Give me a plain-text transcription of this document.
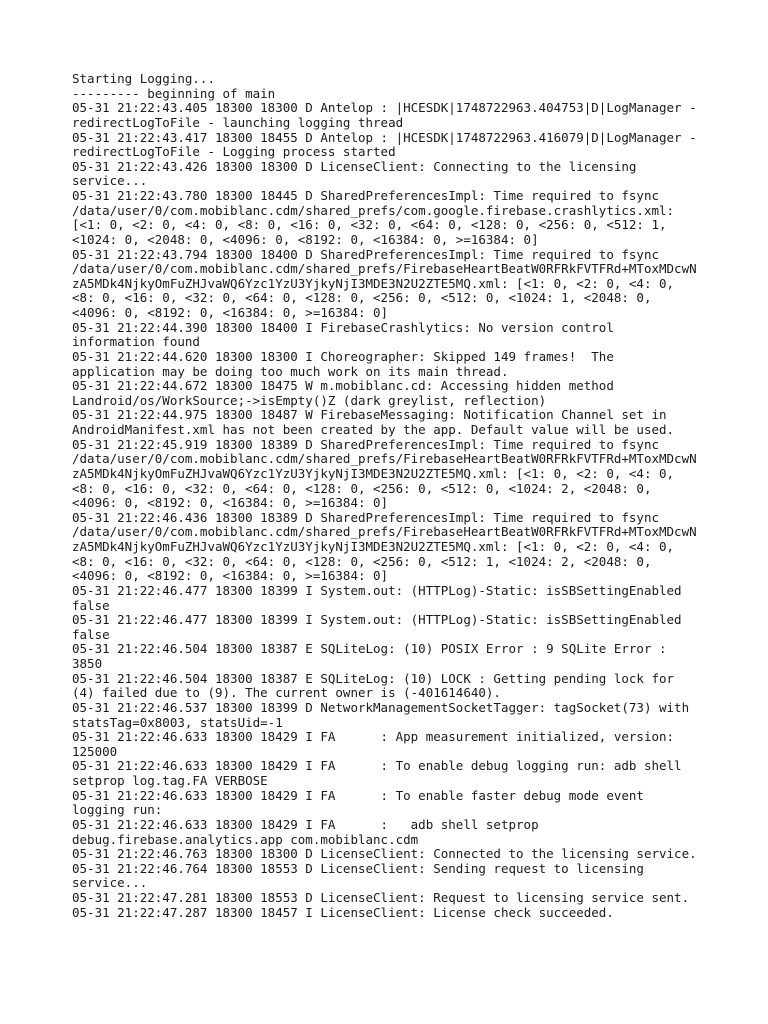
Starting Logging...
--------- beginning of main
05-31 21:22:43.405 18300 18300 D Antelop : |HCESDK|1748722963.404753|D|LogManager -
redirectLogToFile - launching logging thread
05-31 21:22:43.417 18300 18455 D Antelop : |HCESDK|1748722963.416079|D|LogManager -
redirectLogToFile - Logging process started
05-31 21:22:43.426 18300 18300 D LicenseClient: Connecting to the licensing
service...
05-31 21:22:43.780 18300 18445 D SharedPreferencesImpl: Time required to fsync
/data/user/0/com.mobiblanc.cdm/shared_prefs/com.google.firebase.crashlytics.xml:
[<1: 0, <2: 0, <4: 0, <8: 0, <16: 0, <32: 0, <64: 0, <128: 0, <256: 0, <512: 1,
<1024: 0, <2048: 0, <4096: 0, <8192: 0, <16384: 0, >=16384: 0]
05-31 21:22:43.794 18300 18400 D SharedPreferencesImpl: Time required to fsync
/data/user/0/com.mobiblanc.cdm/shared_prefs/FirebaseHeartBeatW0RFRkFVTFRd+MToxMDcwN
zA5MDk4NjkyOmFuZHJvaWQ6Yzc1YzU3YjkyNjI3MDE3N2U2ZTE5MQ.xml: [<1: 0, <2: 0, <4: 0,
<8: 0, <16: 0, <32: 0, <64: 0, <128: 0, <256: 0, <512: 0, <1024: 1, <2048: 0,
<4096: 0, <8192: 0, <16384: 0, >=16384: 0]
05-31 21:22:44.390 18300 18400 I FirebaseCrashlytics: No version control
information found
05-31 21:22:44.620 18300 18300 I Choreographer: Skipped 149 frames!  The
application may be doing too much work on its main thread.
05-31 21:22:44.672 18300 18475 W m.mobiblanc.cd: Accessing hidden method
Landroid/os/WorkSource;->isEmpty()Z (dark greylist, reflection)
05-31 21:22:44.975 18300 18487 W FirebaseMessaging: Notification Channel set in
AndroidManifest.xml has not been created by the app. Default value will be used.
05-31 21:22:45.919 18300 18389 D SharedPreferencesImpl: Time required to fsync
/data/user/0/com.mobiblanc.cdm/shared_prefs/FirebaseHeartBeatW0RFRkFVTFRd+MToxMDcwN
zA5MDk4NjkyOmFuZHJvaWQ6Yzc1YzU3YjkyNjI3MDE3N2U2ZTE5MQ.xml: [<1: 0, <2: 0, <4: 0,
<8: 0, <16: 0, <32: 0, <64: 0, <128: 0, <256: 0, <512: 0, <1024: 2, <2048: 0,
<4096: 0, <8192: 0, <16384: 0, >=16384: 0]
05-31 21:22:46.436 18300 18389 D SharedPreferencesImpl: Time required to fsync
/data/user/0/com.mobiblanc.cdm/shared_prefs/FirebaseHeartBeatW0RFRkFVTFRd+MToxMDcwN
zA5MDk4NjkyOmFuZHJvaWQ6Yzc1YzU3YjkyNjI3MDE3N2U2ZTE5MQ.xml: [<1: 0, <2: 0, <4: 0,
<8: 0, <16: 0, <32: 0, <64: 0, <128: 0, <256: 0, <512: 1, <1024: 2, <2048: 0,
<4096: 0, <8192: 0, <16384: 0, >=16384: 0]
05-31 21:22:46.477 18300 18399 I System.out: (HTTPLog)-Static: isSBSettingEnabled
false
05-31 21:22:46.477 18300 18399 I System.out: (HTTPLog)-Static: isSBSettingEnabled
false
05-31 21:22:46.504 18300 18387 E SQLiteLog: (10) POSIX Error : 9 SQLite Error :
3850
05-31 21:22:46.504 18300 18387 E SQLiteLog: (10) LOCK : Getting pending lock for
(4) failed due to (9). The current owner is (-401614640).
05-31 21:22:46.537 18300 18399 D NetworkManagementSocketTagger: tagSocket(73) with
statsTag=0x8003, statsUid=-1
05-31 21:22:46.633 18300 18429 I FA      : App measurement initialized, version:
125000
05-31 21:22:46.633 18300 18429 I FA      : To enable debug logging run: adb shell
setprop log.tag.FA VERBOSE
05-31 21:22:46.633 18300 18429 I FA      : To enable faster debug mode event
logging run:
05-31 21:22:46.633 18300 18429 I FA      :   adb shell setprop
debug.firebase.analytics.app com.mobiblanc.cdm
05-31 21:22:46.763 18300 18300 D LicenseClient: Connected to the licensing service.
05-31 21:22:46.764 18300 18553 D LicenseClient: Sending request to licensing
service...
05-31 21:22:47.281 18300 18553 D LicenseClient: Request to licensing service sent.
05-31 21:22:47.287 18300 18457 I LicenseClient: License check succeeded.
